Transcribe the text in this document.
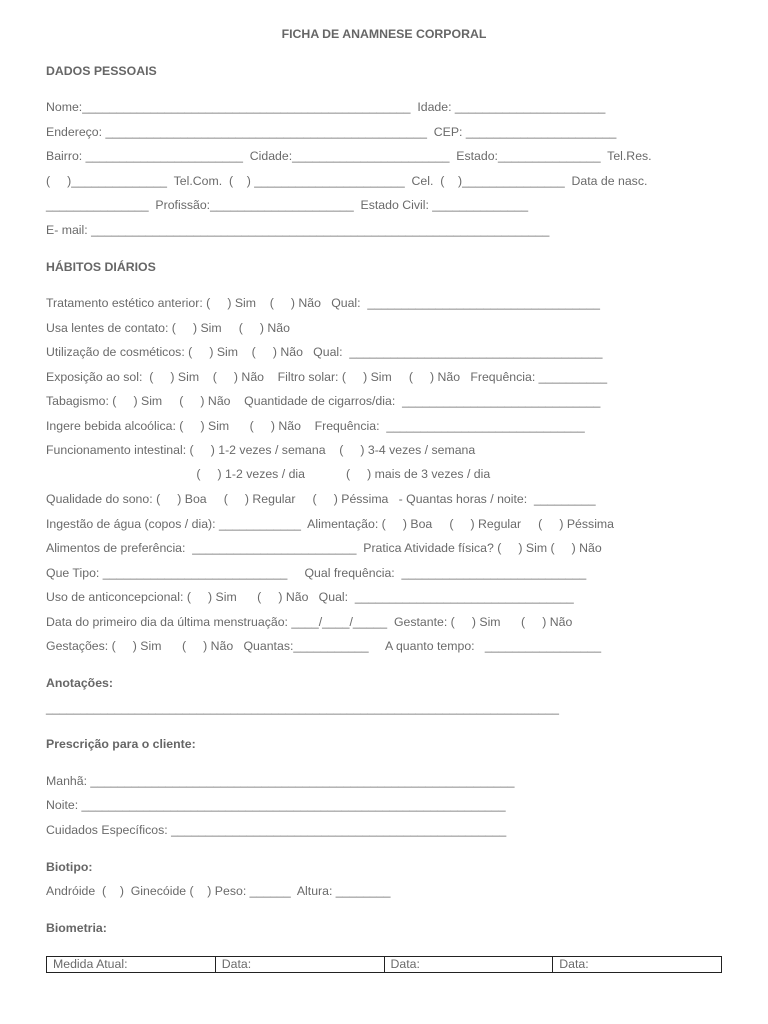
FICHA DE ANAMNESE CORPORAL
DADOS PESSOAIS
Nome:________________________________________________  Idade: ______________________
Endereço: _______________________________________________  CEP: ______________________
Bairro: _______________________  Cidade:_______________________  Estado:_______________  Tel.Res.
(     )______________  Tel.Com.  (    ) ______________________  Cel.  (    )_______________  Data de nasc.
_______________  Profissão:_____________________  Estado Civil: ______________
E- mail: ___________________________________________________________________
HÁBITOS DIÁRIOS
Tratamento estético anterior: (     ) Sim    (     ) Não   Qual:  __________________________________
Usa lentes de contato: (     ) Sim     (     ) Não
Utilização de cosméticos: (     ) Sim    (     ) Não   Qual:  _____________________________________
Exposição ao sol:  (     ) Sim    (     ) Não    Filtro solar: (     ) Sim     (     ) Não   Frequência: __________
Tabagismo: (     ) Sim     (     ) Não    Quantidade de cigarros/dia:  _____________________________
Ingere bebida alcoólica: (     ) Sim      (     ) Não    Frequência:  _____________________________
Funcionamento intestinal: (     ) 1-2 vezes / semana    (     ) 3-4 vezes / semana
(     ) 1-2 vezes / dia            (     ) mais de 3 vezes / dia
Qualidade do sono: (     ) Boa     (     ) Regular     (     ) Péssima   - Quantas horas / noite:  _________
Ingestão de água (copos / dia): ____________  Alimentação: (     ) Boa     (     ) Regular     (     ) Péssima
Alimentos de preferência:  ________________________  Pratica Atividade física? (     ) Sim (     ) Não
Que Tipo: ___________________________     Qual frequência:  ___________________________
Uso de anticoncepcional: (     ) Sim      (     ) Não   Qual:  ________________________________
Data do primeiro dia da última menstruação: ____/____/_____  Gestante: (     ) Sim      (     ) Não
Gestações: (     ) Sim      (     ) Não   Quantas:___________     A quanto tempo:   _________________
Anotações:
___________________________________________________________________________
Prescrição para o cliente:
Manhã: ______________________________________________________________
Noite: ______________________________________________________________
Cuidados Específicos: _________________________________________________
Biotipo:
Andróide  (    )  Ginecóide (    ) Peso: ______  Altura: ________
Biometria:
Medida Atual:	Data:	Data:	Data:
